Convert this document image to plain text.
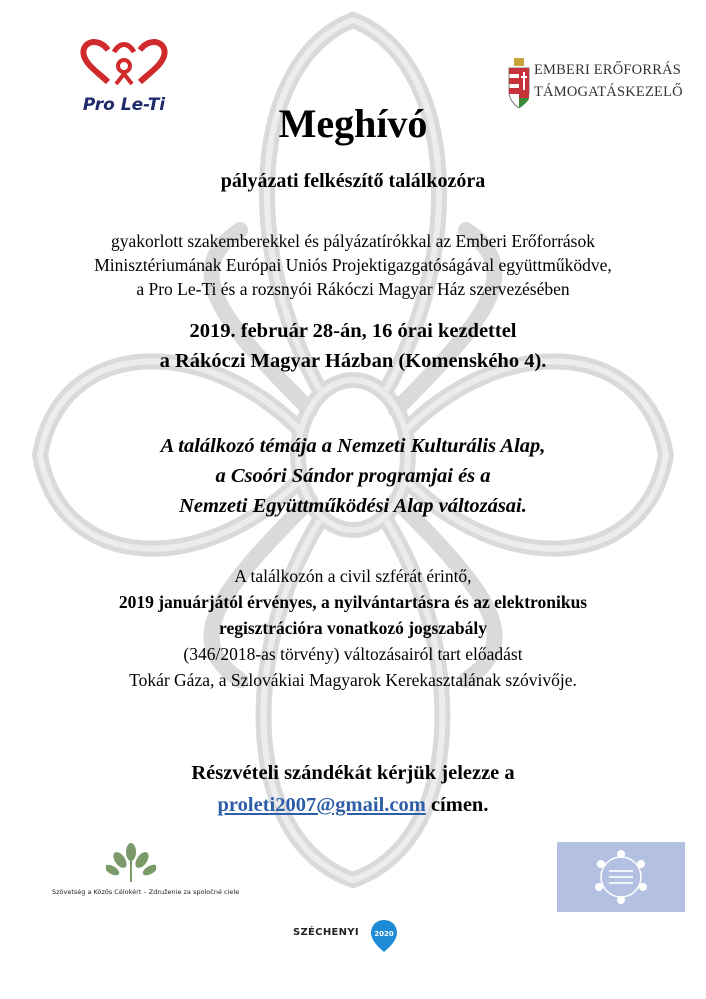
Pro Le-Ti
EMBERI ERŐFORRÁS
TÁMOGATÁSKEZELŐ
Meghívó
pályázati felkészítő találkozóra
gyakorlott szakemberekkel és pályázatírókkal az Emberi Erőforrások
Minisztériumának Európai Uniós Projektigazgatóságával együttműködve,
a Pro Le-Ti és a rozsnyói Rákóczi Magyar Ház szervezésében
2019. február 28-án, 16 órai kezdettel
a Rákóczi Magyar Házban (Komenského 4).
A találkozó témája a Nemzeti Kulturális Alap,
a Csoóri Sándor programjai és a
Nemzeti Együttműködési Alap változásai.
A találkozón a civil szférát érintő,
2019 januárjától érvényes, a nyilvántartásra és az elektronikus
regisztrációra vonatkozó jogszabály
(346/2018-as törvény) változásairól tart előadást
Tokár Gáza, a Szlovákiai Magyarok Kerekasztalának szóvivője.
Részvételi szándékát kérjük jelezze a
proleti2007@gmail.com címen.
Szövetség a Közös Célokért – Združenie za spoločné ciele
SZÉCHENYI 2020
